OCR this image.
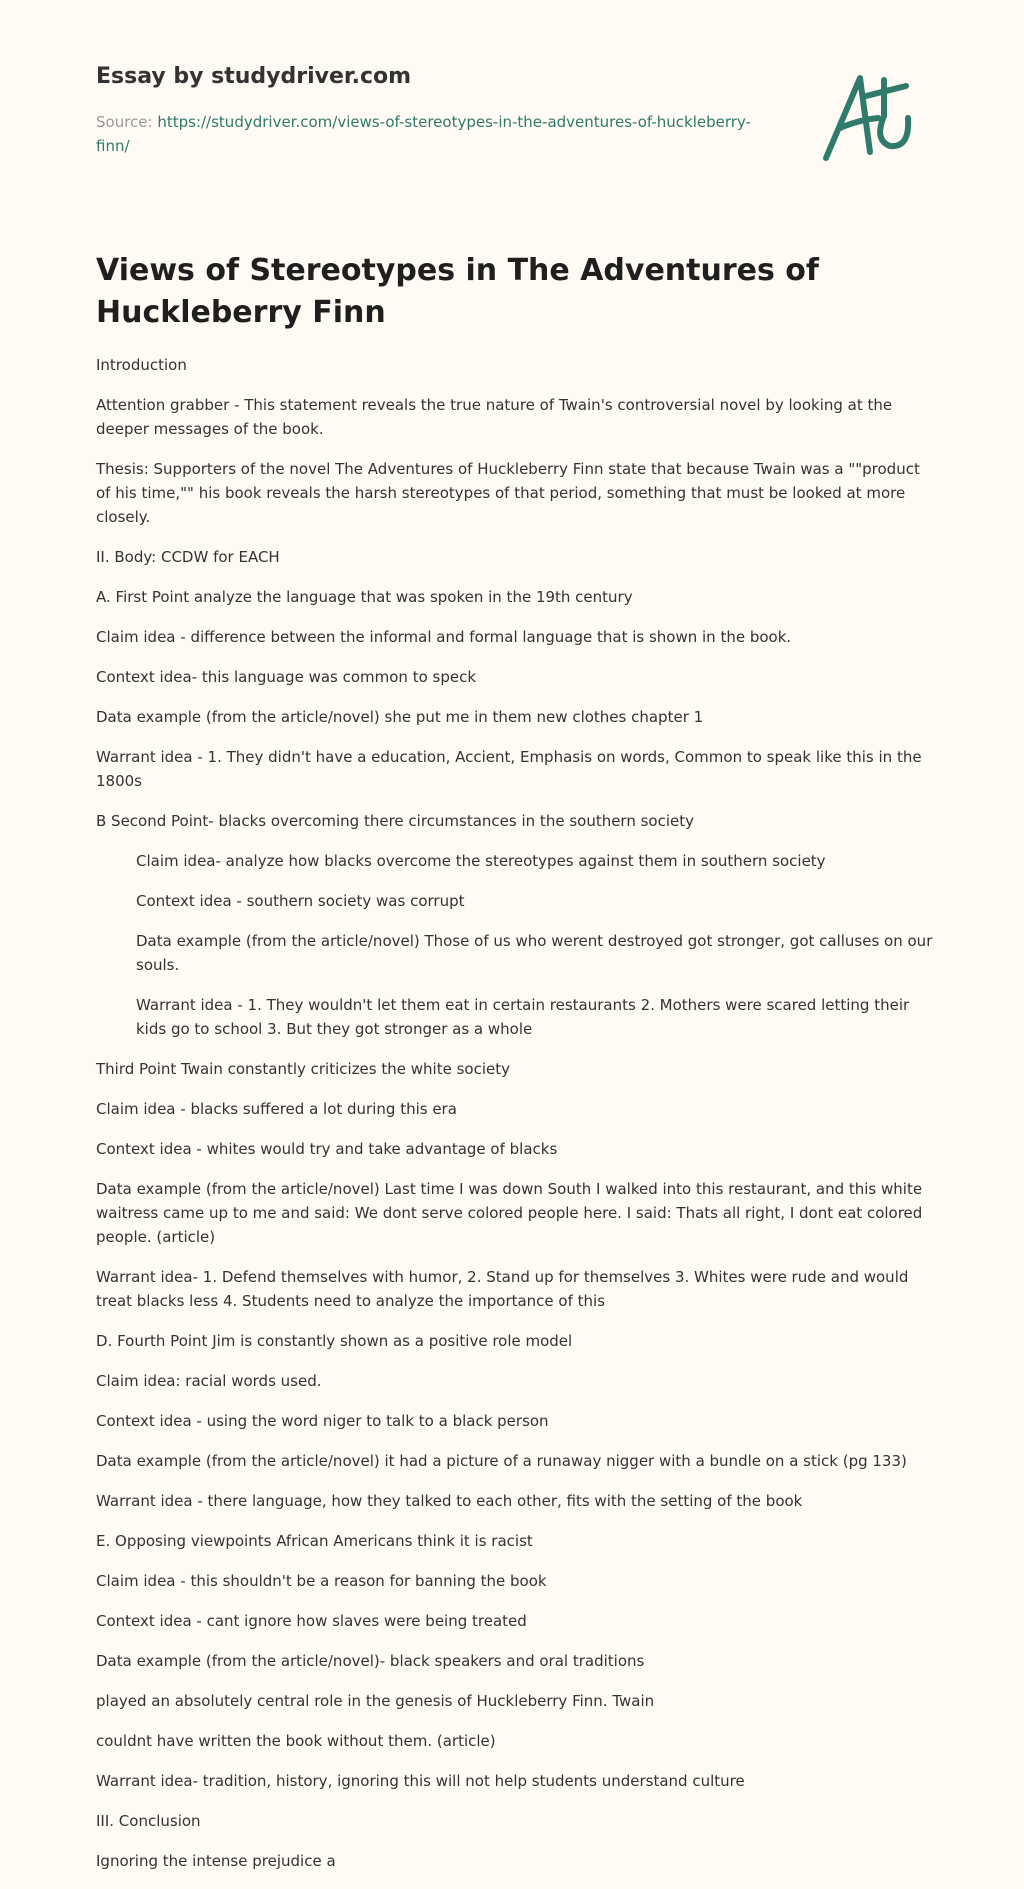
Essay by studydriver.com
Source: https://studydriver.com/views-of-stereotypes-in-the-adventures-of-huckleberry-finn/
Views of Stereotypes in The Adventures of Huckleberry Finn

Introduction

Attention grabber - This statement reveals the true nature of Twain's controversial novel by looking at the deeper messages of the book.

Thesis: Supporters of the novel The Adventures of Huckleberry Finn state that because Twain was a ""product of his time,"" his book reveals the harsh stereotypes of that period, something that must be looked at more closely.

II. Body: CCDW for EACH

A. First Point analyze the language that was spoken in the 19th century

Claim idea - difference between the informal and formal language that is shown in the book.

Context idea- this language was common to speck

Data example (from the article/novel) she put me in them new clothes chapter 1

Warrant idea - 1. They didn't have a education, Accient, Emphasis on words, Common to speak like this in the 1800s

B Second Point- blacks overcoming there circumstances in the southern society

Claim idea- analyze how blacks overcome the stereotypes against them in southern society

Context idea - southern society was corrupt

Data example (from the article/novel) Those of us who werent destroyed got stronger, got calluses on our souls.

Warrant idea - 1. They wouldn't let them eat in certain restaurants 2. Mothers were scared letting their kids go to school 3. But they got stronger as a whole

Third Point Twain constantly criticizes the white society

Claim idea - blacks suffered a lot during this era

Context idea - whites would try and take advantage of blacks

Data example (from the article/novel) Last time I was down South I walked into this restaurant, and this white waitress came up to me and said: We dont serve colored people here. I said: Thats all right, I dont eat colored people. (article)

Warrant idea- 1. Defend themselves with humor, 2. Stand up for themselves 3. Whites were rude and would treat blacks less 4. Students need to analyze the importance of this

D. Fourth Point Jim is constantly shown as a positive role model

Claim idea: racial words used.

Context idea - using the word niger to talk to a black person

Data example (from the article/novel) it had a picture of a runaway nigger with a bundle on a stick (pg 133)

Warrant idea - there language, how they talked to each other, fits with the setting of the book

E. Opposing viewpoints African Americans think it is racist

Claim idea - this shouldn't be a reason for banning the book

Context idea - cant ignore how slaves were being treated

Data example (from the article/novel)- black speakers and oral traditions

played an absolutely central role in the genesis of Huckleberry Finn. Twain

couldnt have written the book without them. (article)

Warrant idea- tradition, history, ignoring this will not help students understand culture

III. Conclusion

Ignoring the intense prejudice a
